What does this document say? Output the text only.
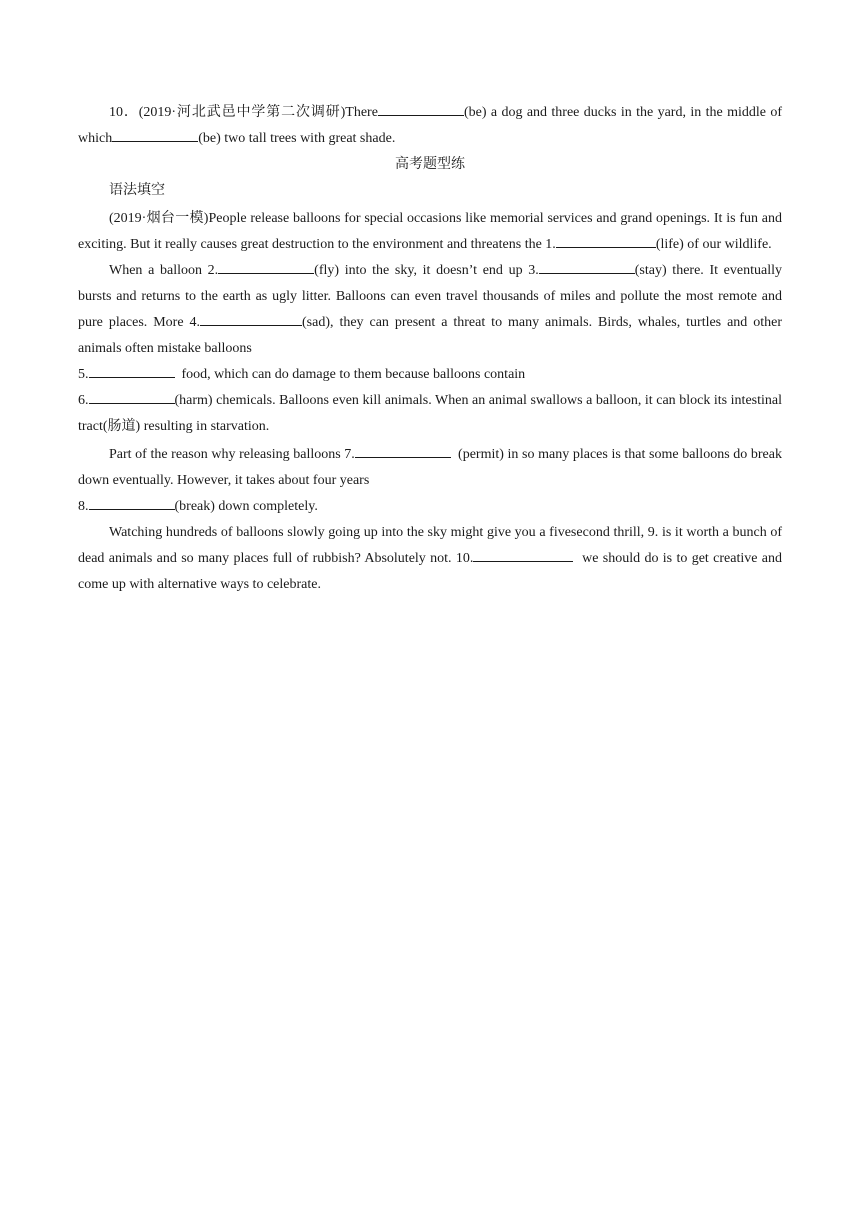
10．(2019·河北武邑中学第二次调研)There	(be) a dog and three ducks in the yard, in the middle of which	(be) two tall trees with great shade.

高考题型练

语法填空

(2019·烟台一模)People release balloons for special occasions like memorial services and grand openings. It is fun and exciting. But it really causes great destruction to the environment and threatens the 1.	(life) of our wildlife.

When a balloon 2.	(fly) into the sky, it doesn’t end up 3.	(stay) there. It eventually bursts and returns to the earth as ugly litter. Balloons can even travel thousands of miles and pollute the most remote and pure places. More 4.	(sad), they can present a threat to many animals. Birds, whales, turtles and other animals often mistake balloons

5.	food, which can do damage to them because balloons contain

6.	(harm) chemicals. Balloons even kill animals. When an animal swallows a balloon, it can block its intestinal tract(肠道) resulting in starvation.

Part of the reason why releasing balloons 7.	(permit) in so many places is that some balloons do break down eventually. However, it takes about four years

8.	(break) down completely.

Watching hundreds of balloons slowly going up into the sky might give you a fivesecond thrill, 9. is it worth a bunch of dead animals and so many places full of rubbish? Absolutely not. 10.	we should do is to get creative and come up with alternative ways to celebrate.
